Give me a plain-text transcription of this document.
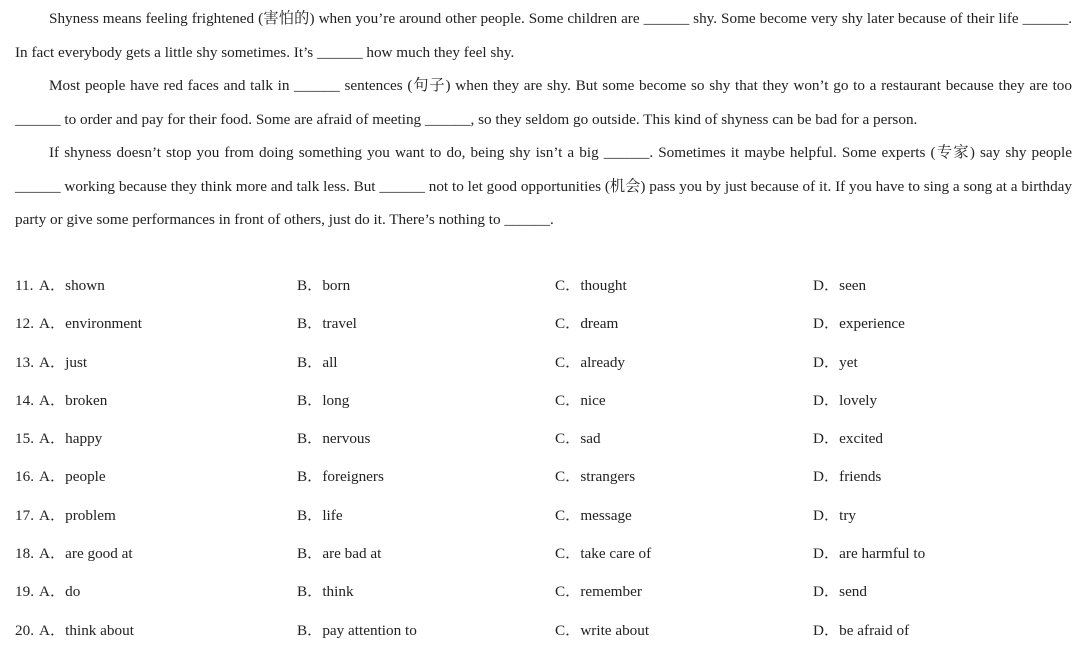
Shyness means feeling frightened (害怕的) when you’re around other people. Some children are ______ shy. Some become very shy later because of their life ______. In fact everybody gets a little shy sometimes. It’s ______ how much they feel shy.

Most people have red faces and talk in ______ sentences (句子) when they are shy. But some become so shy that they won’t go to a restaurant because they are too ______ to order and pay for their food. Some are afraid of meeting ______, so they seldom go outside. This kind of shyness can be bad for a person.

If shyness doesn’t stop you from doing something you want to do, being shy isn’t a big ______. Sometimes it maybe helpful. Some experts (专家) say shy people ______ working because they think more and talk less. But ______ not to let good opportunities (机会) pass you by just because of it. If you have to sing a song at a birthday party or give some performances in front of others, just do it. There’s nothing to ______.

11. A．shown	B．born	C．thought	D．seen
12. A．environment	B．travel	C．dream	D．experience
13. A．just	B．all	C．already	D．yet
14. A．broken	B．long	C．nice	D．lovely
15. A．happy	B．nervous	C．sad	D．excited
16. A．people	B．foreigners	C．strangers	D．friends
17. A．problem	B．life	C．message	D．try
18. A．are good at	B．are bad at	C．take care of	D．are harmful to
19. A．do	B．think	C．remember	D．send
20. A．think about	B．pay attention to	C．write about	D．be afraid of
